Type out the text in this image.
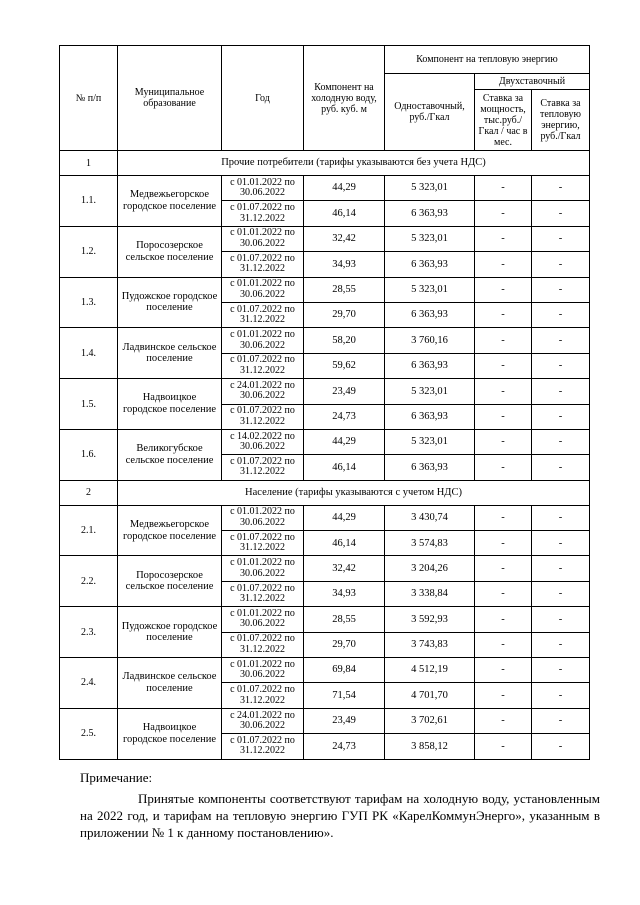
№ п/п	Муниципальное образование	Год	Компонент на холодную воду, руб. куб. м	Компонент на тепловую энергию		
				Одноставочный, руб./Гкал	Двухставочный	
					Ставка за мощность, тыс.руб./ Гкал / час в мес.	Ставка за тепловую энергию, руб./Гкал
1	Прочие потребители (тарифы указываются без учета НДС)					
1.1.	Медвежьегорское городское поселение	с 01.01.2022 по 30.06.2022	44,29	5 323,01	-	-
		с 01.07.2022 по 31.12.2022	46,14	6 363,93	-	-
1.2.	Поросозерское сельское поселение	с 01.01.2022 по 30.06.2022	32,42	5 323,01	-	-
		с 01.07.2022 по 31.12.2022	34,93	6 363,93	-	-
1.3.	Пудожское городское поселение	с 01.01.2022 по 30.06.2022	28,55	5 323,01	-	-
		с 01.07.2022 по 31.12.2022	29,70	6 363,93	-	-
1.4.	Ладвинское сельское поселение	с 01.01.2022 по 30.06.2022	58,20	3 760,16	-	-
		с 01.07.2022 по 31.12.2022	59,62	6 363,93	-	-
1.5.	Надвоицкое городское поселение	с 24.01.2022 по 30.06.2022	23,49	5 323,01	-	-
		с 01.07.2022 по 31.12.2022	24,73	6 363,93	-	-
1.6.	Великогубское сельское поселение	с 14.02.2022 по 30.06.2022	44,29	5 323,01	-	-
		с 01.07.2022 по 31.12.2022	46,14	6 363,93	-	-
2	Население (тарифы указываются с учетом НДС)					
2.1.	Медвежьегорское городское поселение	с 01.01.2022 по 30.06.2022	44,29	3 430,74	-	-
		с 01.07.2022 по 31.12.2022	46,14	3 574,83	-	-
2.2.	Поросозерское сельское поселение	с 01.01.2022 по 30.06.2022	32,42	3 204,26	-	-
		с 01.07.2022 по 31.12.2022	34,93	3 338,84	-	-
2.3.	Пудожское городское поселение	с 01.01.2022 по 30.06.2022	28,55	3 592,93	-	-
		с 01.07.2022 по 31.12.2022	29,70	3 743,83	-	-
2.4.	Ладвинское сельское поселение	с 01.01.2022 по 30.06.2022	69,84	4 512,19	-	-
		с 01.07.2022 по 31.12.2022	71,54	4 701,70	-	-
2.5.	Надвоицкое городское поселение	с 24.01.2022 по 30.06.2022	23,49	3 702,61	-	-
		с 01.07.2022 по 31.12.2022	24,73	3 858,12	-	-

Примечание:

Принятые компоненты соответствуют тарифам на холодную воду, установленным на 2022 год, и тарифам на тепловую энергию ГУП РК «КарелКоммунЭнерго», указанным в приложении № 1 к данному постановлению».
